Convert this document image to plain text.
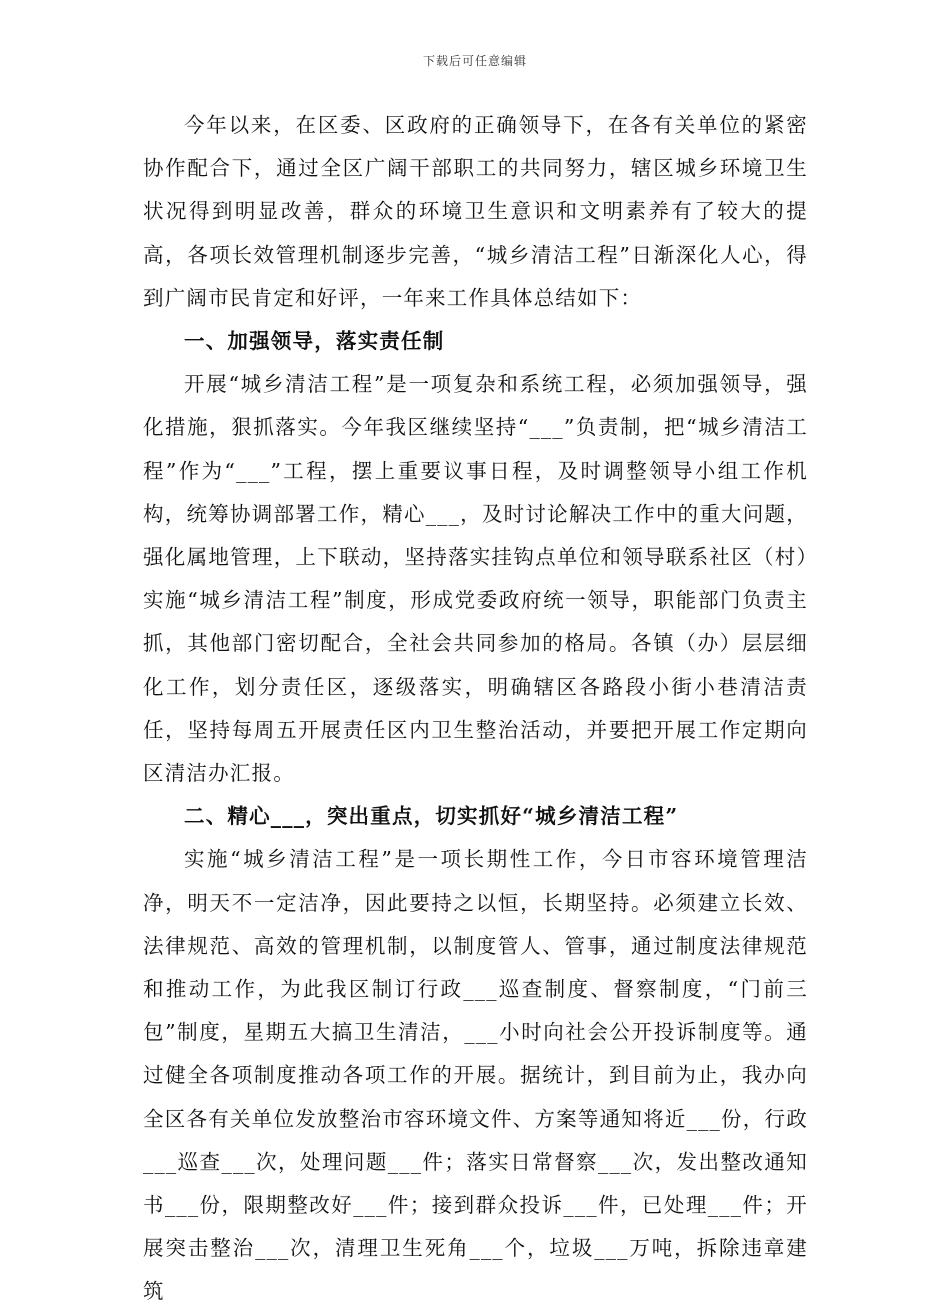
下载后可任意编辑

今年以来，在区委、区政府的正确领导下，在各有关单位的紧密协作配合下，通过全区广阔干部职工的共同努力，辖区城乡环境卫生状况得到明显改善，群众的环境卫生意识和文明素养有了较大的提高，各项长效管理机制逐步完善，“城乡清洁工程”日渐深化人心，得到广阔市民肯定和好评，一年来工作具体总结如下：

一、加强领导，落实责任制

开展“城乡清洁工程”是一项复杂和系统工程，必须加强领导，强化措施，狠抓落实。今年我区继续坚持“___”负责制，把“城乡清洁工程”作为“___”工程，摆上重要议事日程，及时调整领导小组工作机构，统筹协调部署工作，精心___，及时讨论解决工作中的重大问题，强化属地管理，上下联动，坚持落实挂钩点单位和领导联系社区（村）实施“城乡清洁工程”制度，形成党委政府统一领导，职能部门负责主抓，其他部门密切配合，全社会共同参加的格局。各镇（办）层层细化工作，划分责任区，逐级落实，明确辖区各路段小街小巷清洁责任，坚持每周五开展责任区内卫生整治活动，并要把开展工作定期向区清洁办汇报。

二、精心___，突出重点，切实抓好“城乡清洁工程”

实施“城乡清洁工程”是一项长期性工作，今日市容环境管理洁净，明天不一定洁净，因此要持之以恒，长期坚持。必须建立长效、法律规范、高效的管理机制，以制度管人、管事，通过制度法律规范和推动工作，为此我区制订行政___巡查制度、督察制度，“门前三包”制度，星期五大搞卫生清洁，___小时向社会公开投诉制度等。通过健全各项制度推动各项工作的开展。据统计，到目前为止，我办向全区各有关单位发放整治市容环境文件、方案等通知将近___份，行政___巡查___次，处理问题___件；落实日常督察___次，发出整改通知书___份，限期整改好___件；接到群众投诉___件，已处理___件；开展突击整治___次，清理卫生死角___个，垃圾___万吨，拆除违章建筑
